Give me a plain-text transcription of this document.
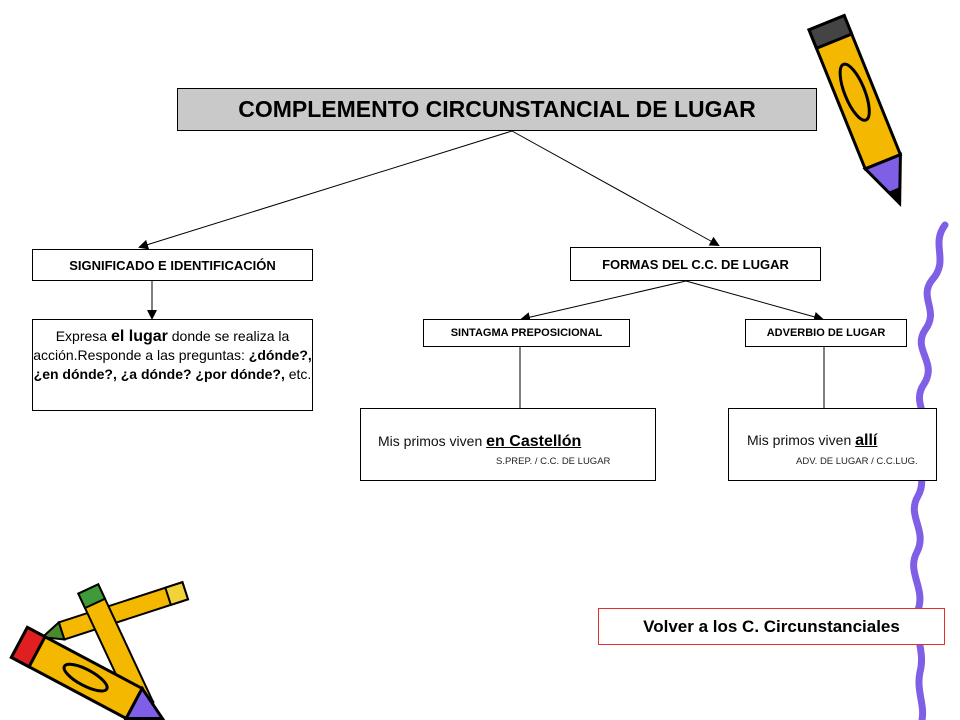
COMPLEMENTO CIRCUNSTANCIAL DE LUGAR
SIGNIFICADO E IDENTIFICACIÓN
Expresa el lugar donde se realiza la acción.Responde a las preguntas: ¿dónde?, ¿en dónde?, ¿a dónde? ¿por dónde?, etc.
FORMAS DEL C.C. DE LUGAR
SINTAGMA PREPOSICIONAL	ADVERBIO DE LUGAR
Mis primos viven en Castellón
S.PREP. / C.C. DE LUGAR
Mis primos viven allí
ADV. DE LUGAR / C.C.LUG.
Volver a los C. Circunstanciales
